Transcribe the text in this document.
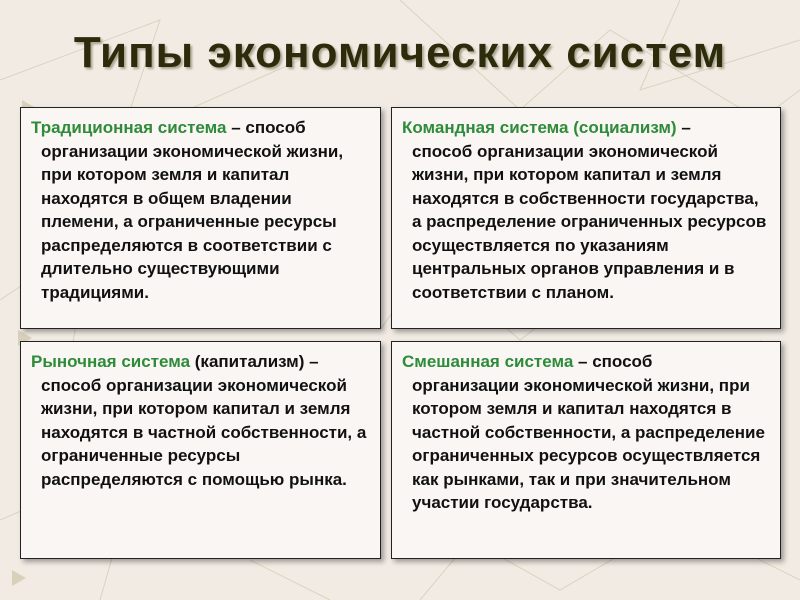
Типы экономических систем
Традиционная система – способ
организации экономической жизни, при котором земля и капитал находятся в общем владении племени, а ограниченные ресурсы распределяются в соответствии с длительно существующими традициями.
Командная система (социализм) –
способ организации экономической жизни, при котором капитал и земля находятся в собственности государства, а распределение ограниченных ресурсов осуществляется по указаниям центральных органов управления и в соответствии с планом.
Рыночная система (капитализм) –
способ организации экономической жизни, при котором капитал и земля находятся в частной собственности, а ограниченные ресурсы распределяются с помощью рынка.
Смешанная система – способ
организации экономической жизни, при котором земля и капитал находятся в частной собственности, а распределение ограниченных ресурсов осуществляется как рынками, так и при значительном участии государства.
